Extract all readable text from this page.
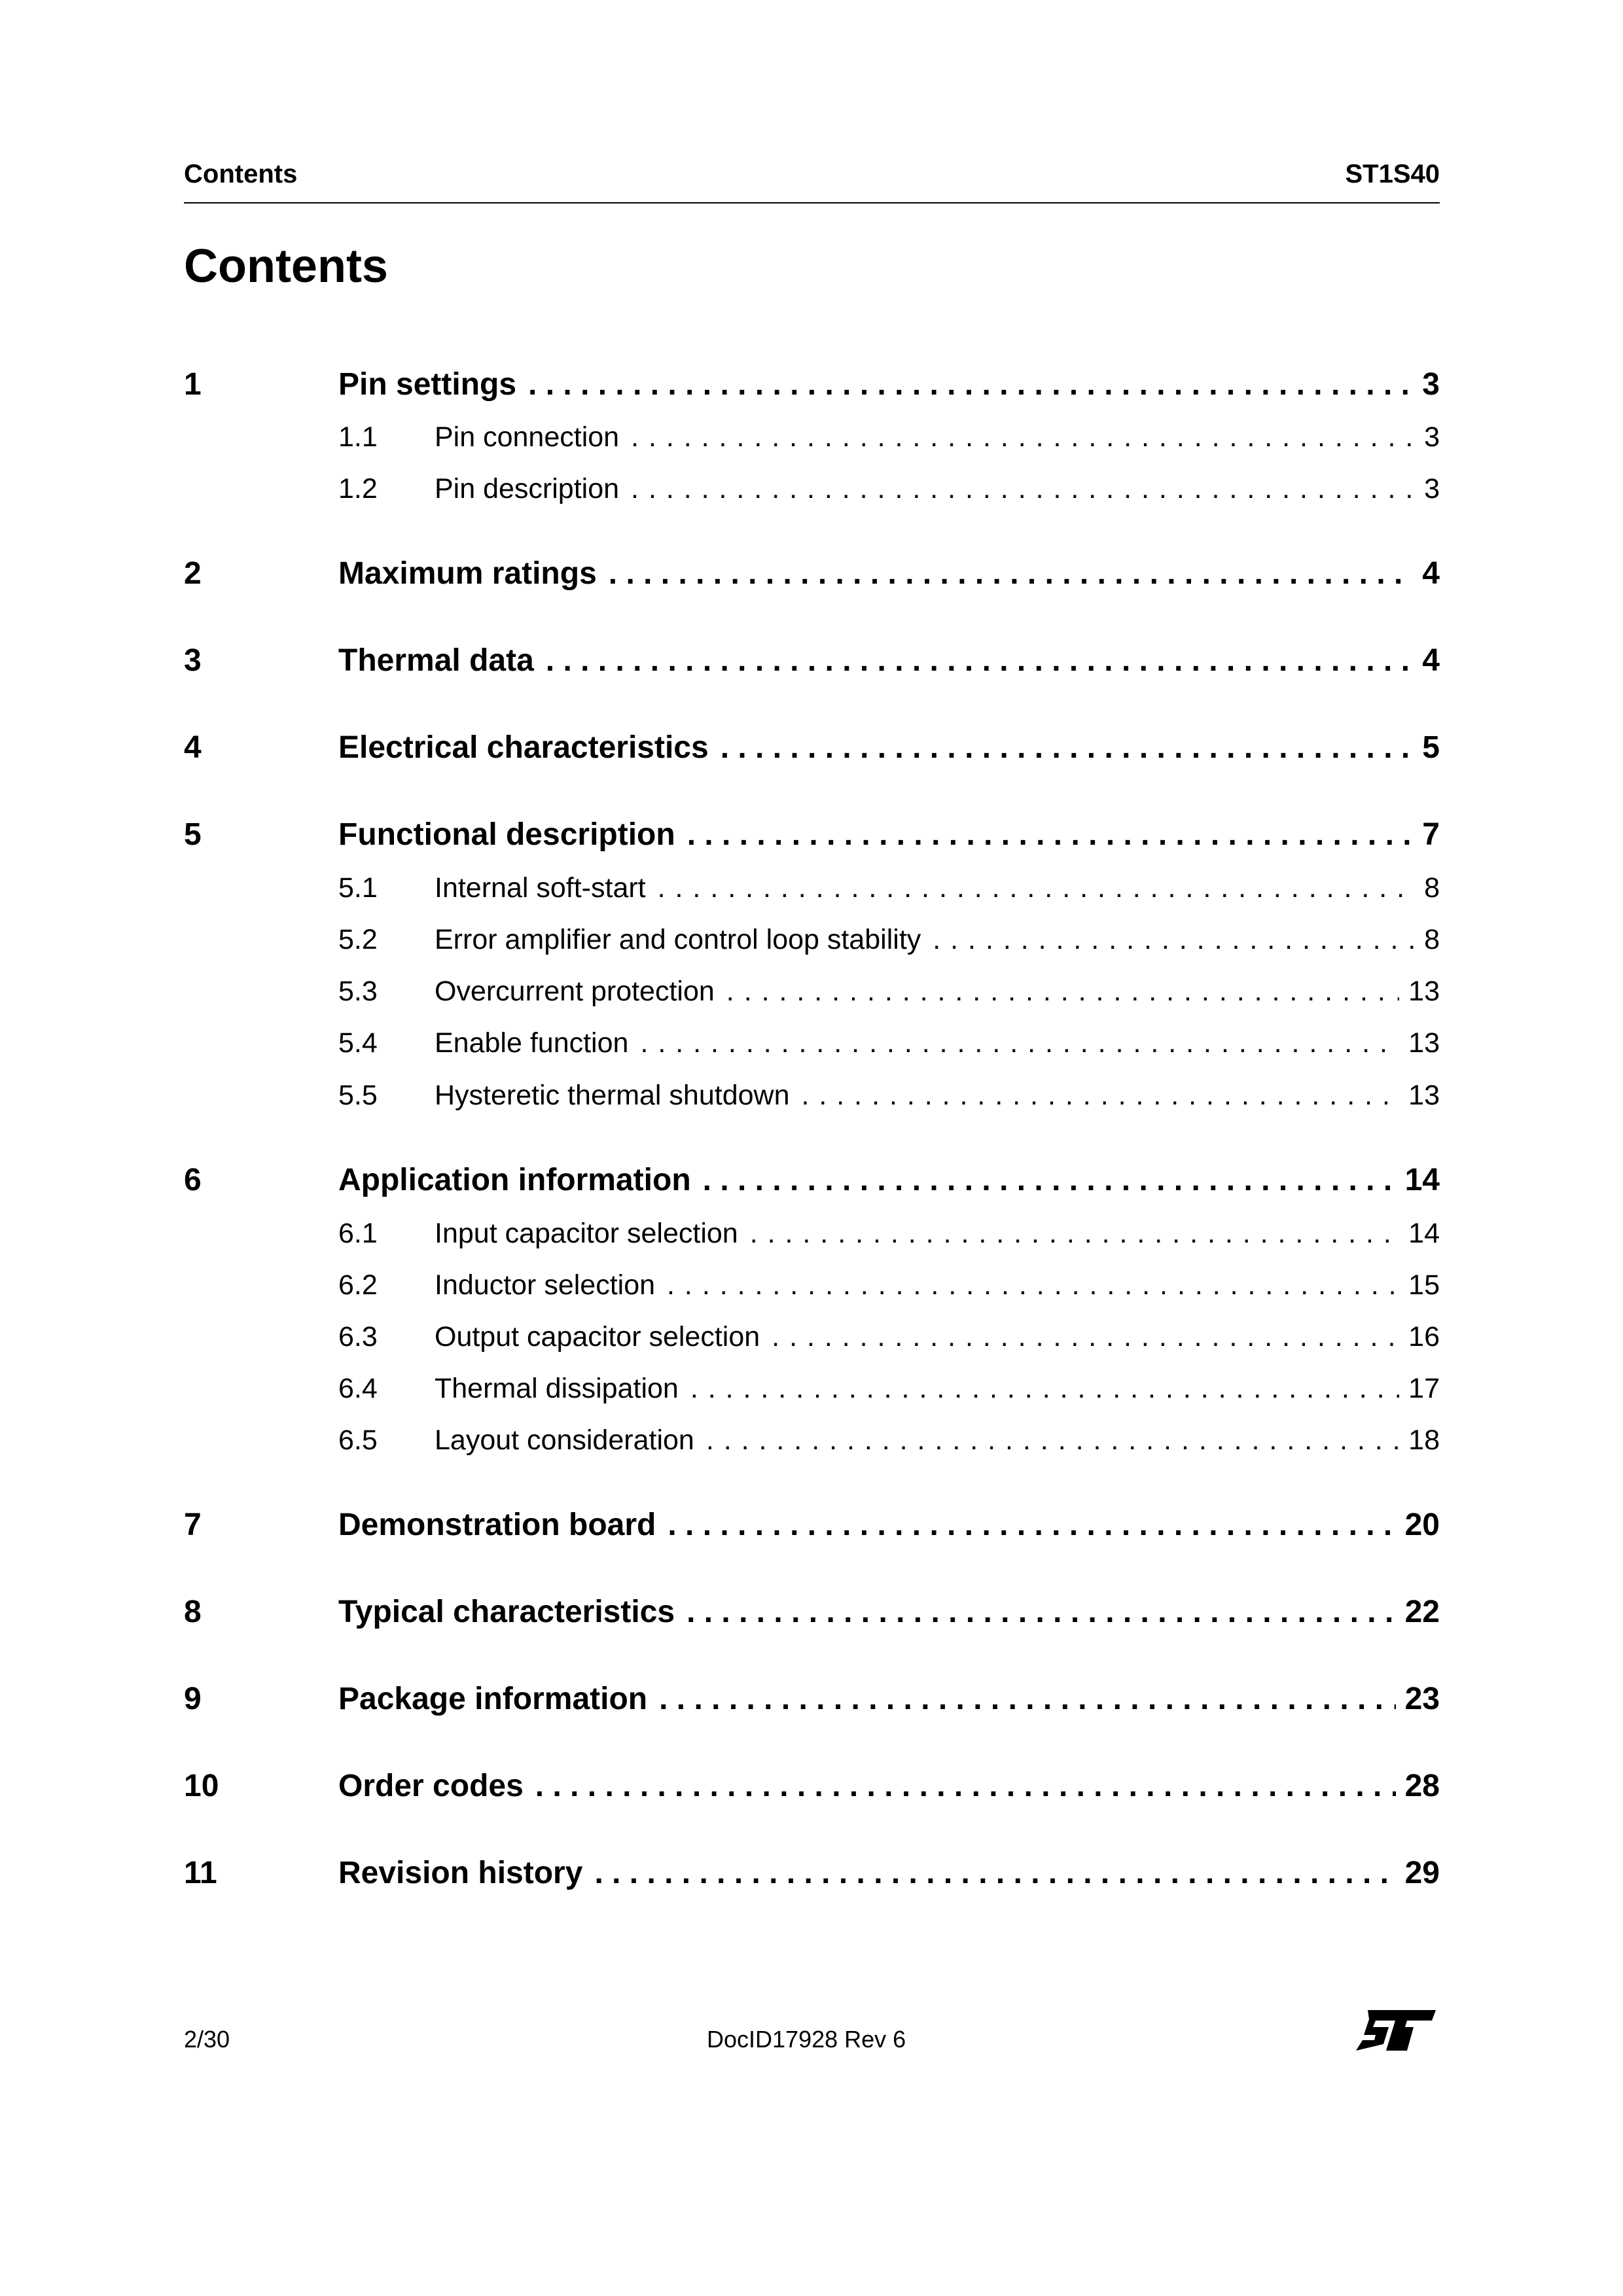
Contents	ST1S40
Contents
1	Pin settings . . .	3
1.1 Pin connection . . .	3
1.2 Pin description . . .	3
2	Maximum ratings . . .	4
3	Thermal data . . .	4
4	Electrical characteristics . . .	5
5	Functional description . . .	7
5.1 Internal soft-start . . .	8
5.2 Error amplifier and control loop stability . . .	8
5.3 Overcurrent protection . . .	13
5.4 Enable function . . .	13
5.5 Hysteretic thermal shutdown . . .	13
6	Application information . . .	14
6.1 Input capacitor selection . . .	14
6.2 Inductor selection . . .	15
6.3 Output capacitor selection . . .	16
6.4 Thermal dissipation . . .	17
6.5 Layout consideration . . .	18
7	Demonstration board . . .	20
8	Typical characteristics . . .	22
9	Package information . . .	23
10	Order codes . . .	28
11	Revision history . . .	29
2/30	DocID17928 Rev 6
